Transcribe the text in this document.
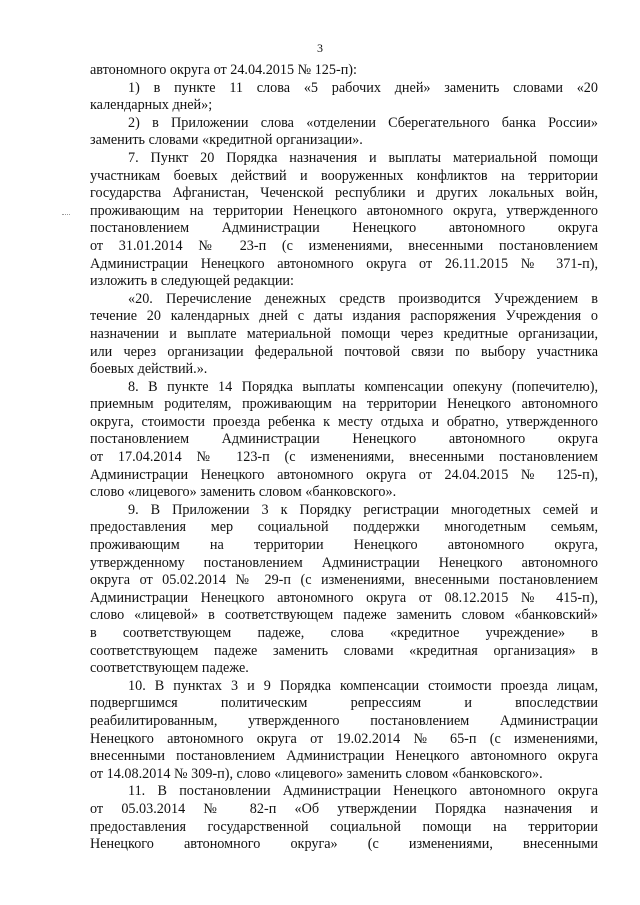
3
автономного округа от 24.04.2015 № 125-п):
1) в пункте 11 слова «5 рабочих дней» заменить словами «20
календарных дней»;
2) в Приложении слова «отделении Сберегательного банка России»
заменить словами «кредитной организации».
7. Пункт 20 Порядка назначения и выплаты материальной помощи
участникам боевых действий и вооруженных конфликтов на территории
государства Афганистан, Чеченской республики и других локальных войн,
проживающим на территории Ненецкого автономного округа, утвержденного
постановлением Администрации Ненецкого автономного округа
от 31.01.2014 № 23-п (с изменениями, внесенными постановлением
Администрации Ненецкого автономного округа от 26.11.2015 № 371-п),
изложить в следующей редакции:
«20. Перечисление денежных средств производится Учреждением в
течение 20 календарных дней с даты издания распоряжения Учреждения о
назначении и выплате материальной помощи через кредитные организации,
или через организации федеральной почтовой связи по выбору участника
боевых действий.».
8. В пункте 14 Порядка выплаты компенсации опекуну (попечителю),
приемным родителям, проживающим на территории Ненецкого автономного
округа, стоимости проезда ребенка к месту отдыха и обратно, утвержденного
постановлением Администрации Ненецкого автономного округа
от 17.04.2014 № 123-п (с изменениями, внесенными постановлением
Администрации Ненецкого автономного округа от 24.04.2015 № 125-п),
слово «лицевого» заменить словом «банковского».
9. В Приложении 3 к Порядку регистрации многодетных семей и
предоставления мер социальной поддержки многодетным семьям,
проживающим на территории Ненецкого автономного округа,
утвержденному постановлением Администрации Ненецкого автономного
округа от 05.02.2014 № 29-п (с изменениями, внесенными постановлением
Администрации Ненецкого автономного округа от 08.12.2015 № 415-п),
слово «лицевой» в соответствующем падеже заменить словом «банковский»
в соответствующем падеже, слова «кредитное учреждение» в
соответствующем падеже заменить словами «кредитная организация» в
соответствующем падеже.
10. В пунктах 3 и 9 Порядка компенсации стоимости проезда лицам,
подвергшимся политическим репрессиям и впоследствии
реабилитированным, утвержденного постановлением Администрации
Ненецкого автономного округа от 19.02.2014 № 65-п (с изменениями,
внесенными постановлением Администрации Ненецкого автономного округа
от 14.08.2014 № 309-п), слово «лицевого» заменить словом «банковского».
11. В постановлении Администрации Ненецкого автономного округа
от 05.03.2014 № 82-п «Об утверждении Порядка назначения и
предоставления государственной социальной помощи на территории
Ненецкого автономного округа» (с изменениями, внесенными
